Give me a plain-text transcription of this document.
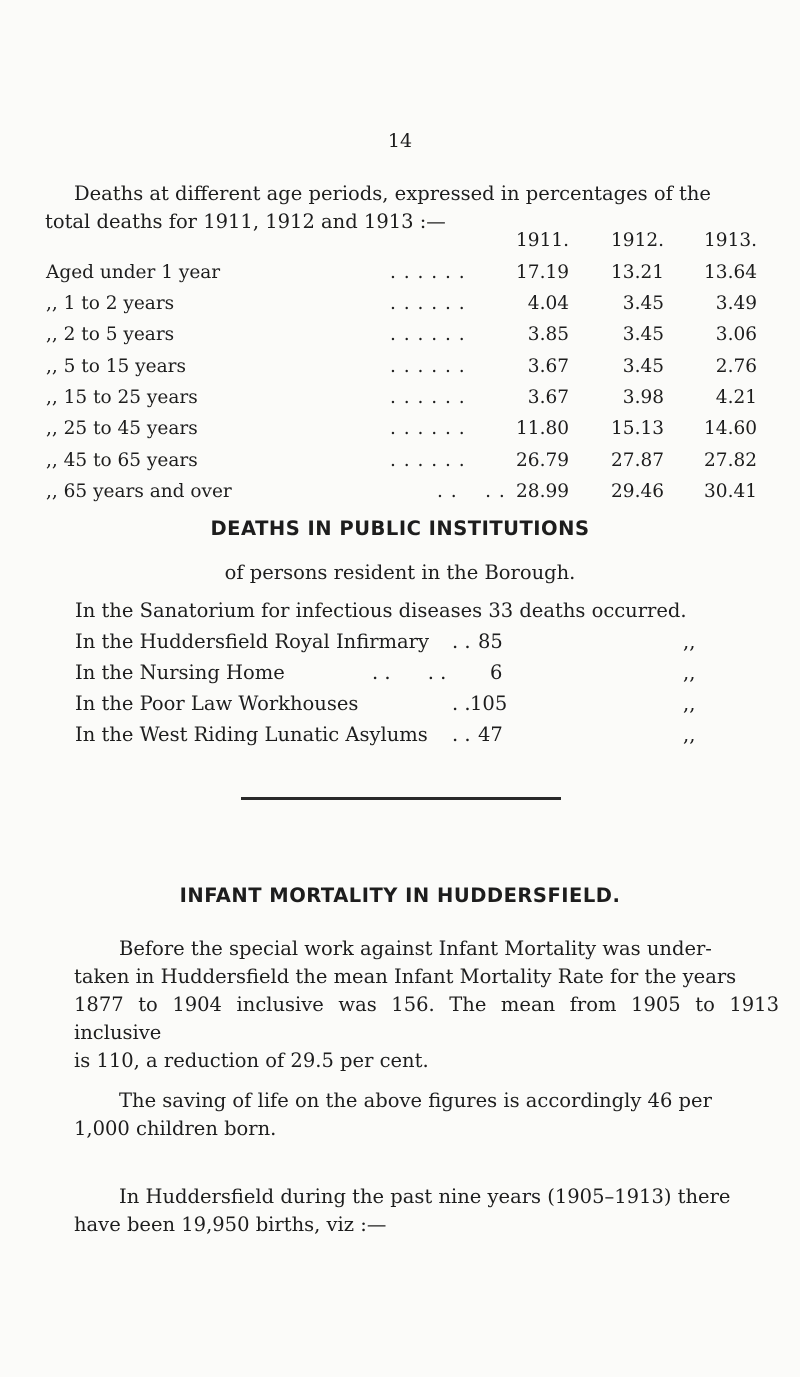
14
Deaths at different age periods, expressed in percentages of the
total deaths for 1911, 1912 and 1913 :—
1911.	1912.	1913.
Aged under 1 year	. . . . . .	17.19	13.21	13.64
,, 1 to 2 years	. . . . . .	4.04	3.45	3.49
,, 2 to 5 years	. . . . . .	3.85	3.45	3.06
,, 5 to 15 years	. . . . . .	3.67	3.45	2.76
,, 15 to 25 years	. . . . . .	3.67	3.98	4.21
,, 25 to 45 years	. . . . . .	11.80	15.13	14.60
,, 45 to 65 years	. . . . . .	26.79	27.87	27.82
,, 65 years and over	. .    . . 28.99	29.46	30.41
DEATHS IN PUBLIC INSTITUTIONS
of persons resident in the Borough.
In the Sanatorium for infectious diseases 33 deaths occurred.
In the Huddersfield Royal Infirmary . . 85	,,
In the Nursing Home	. .      . . 6	,,
In the Poor Law Workhouses	. . 105	,,
In the West Riding Lunatic Asylums . . 47	,,
INFANT MORTALITY IN HUDDERSFIELD.
Before the special work against Infant Mortality was under-
taken in Huddersfield the mean Infant Mortality Rate for the years
1877 to 1904 inclusive was 156. The mean from 1905 to 1913 inclusive
is 110, a reduction of 29.5 per cent.
The saving of life on the above figures is accordingly 46 per
1,000 children born.
In Huddersfield during the past nine years (1905–1913) there
have been 19,950 births, viz :—
